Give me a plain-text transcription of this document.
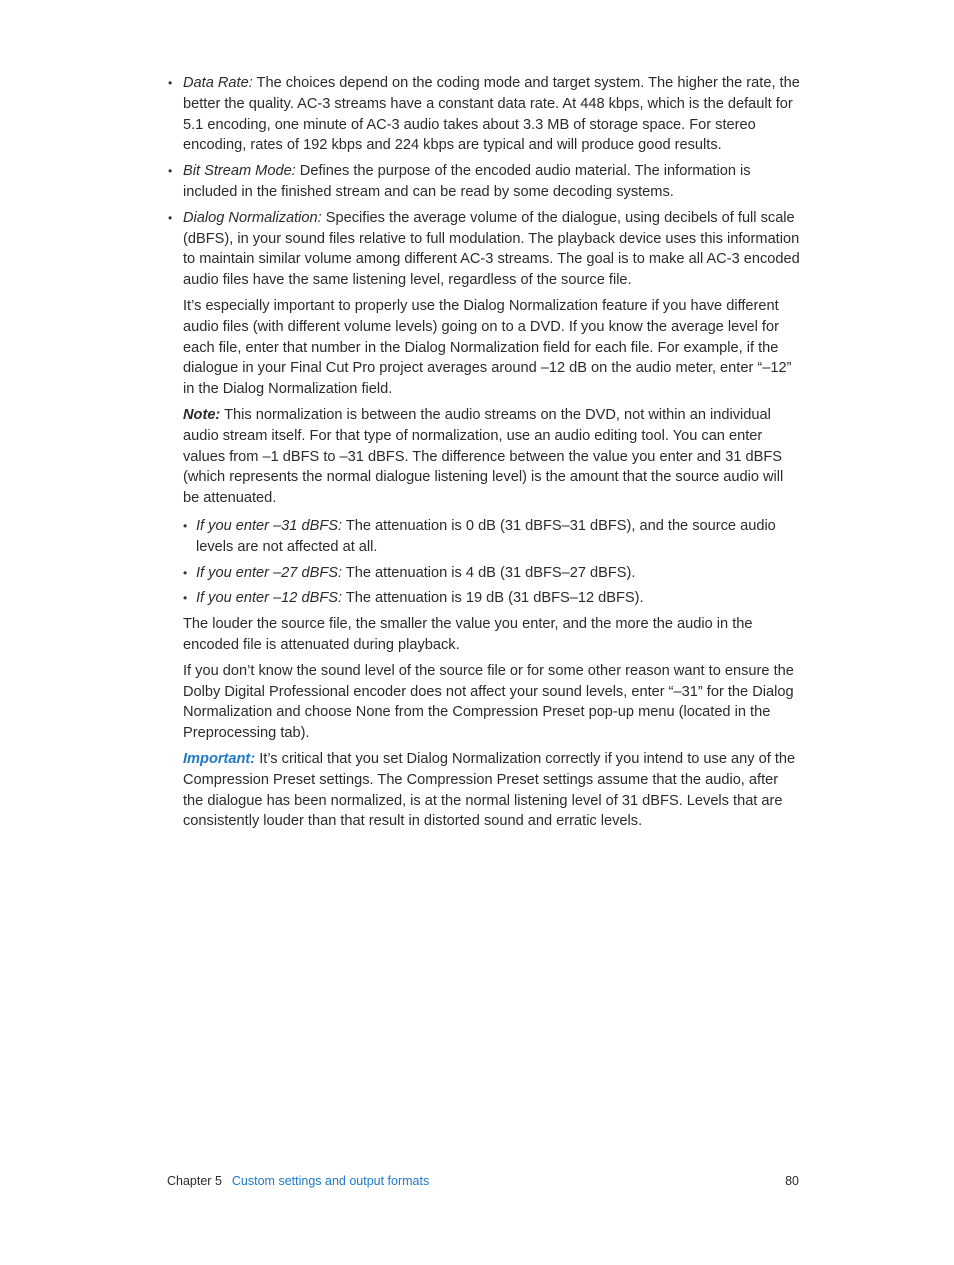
• Data Rate: The choices depend on the coding mode and target system. The higher the rate, the better the quality. AC-3 streams have a constant data rate. At 448 kbps, which is the default for 5.1 encoding, one minute of AC-3 audio takes about 3.3 MB of storage space. For stereo encoding, rates of 192 kbps and 224 kbps are typical and will produce good results.

• Bit Stream Mode: Defines the purpose of the encoded audio material. The information is included in the finished stream and can be read by some decoding systems.

• Dialog Normalization: Specifies the average volume of the dialogue, using decibels of full scale (dBFS), in your sound files relative to full modulation. The playback device uses this information to maintain similar volume among different AC-3 streams. The goal is to make all AC-3 encoded audio files have the same listening level, regardless of the source file.

It’s especially important to properly use the Dialog Normalization feature if you have different audio files (with different volume levels) going on to a DVD. If you know the average level for each file, enter that number in the Dialog Normalization field for each file. For example, if the dialogue in your Final Cut Pro project averages around –12 dB on the audio meter, enter “–12” in the Dialog Normalization field.

Note: This normalization is between the audio streams on the DVD, not within an individual audio stream itself. For that type of normalization, use an audio editing tool. You can enter values from –1 dBFS to –31 dBFS. The difference between the value you enter and 31 dBFS (which represents the normal dialogue listening level) is the amount that the source audio will be attenuated.

• If you enter –31 dBFS: The attenuation is 0 dB (31 dBFS–31 dBFS), and the source audio levels are not affected at all.

• If you enter –27 dBFS: The attenuation is 4 dB (31 dBFS–27 dBFS).

• If you enter –12 dBFS: The attenuation is 19 dB (31 dBFS–12 dBFS).

The louder the source file, the smaller the value you enter, and the more the audio in the encoded file is attenuated during playback.

If you don’t know the sound level of the source file or for some other reason want to ensure the Dolby Digital Professional encoder does not affect your sound levels, enter “–31” for the Dialog Normalization and choose None from the Compression Preset pop-up menu (located in the Preprocessing tab).

Important: It’s critical that you set Dialog Normalization correctly if you intend to use any of the Compression Preset settings. The Compression Preset settings assume that the audio, after the dialogue has been normalized, is at the normal listening level of 31 dBFS. Levels that are consistently louder than that result in distorted sound and erratic levels.

Chapter 5 Custom settings and output formats	80
